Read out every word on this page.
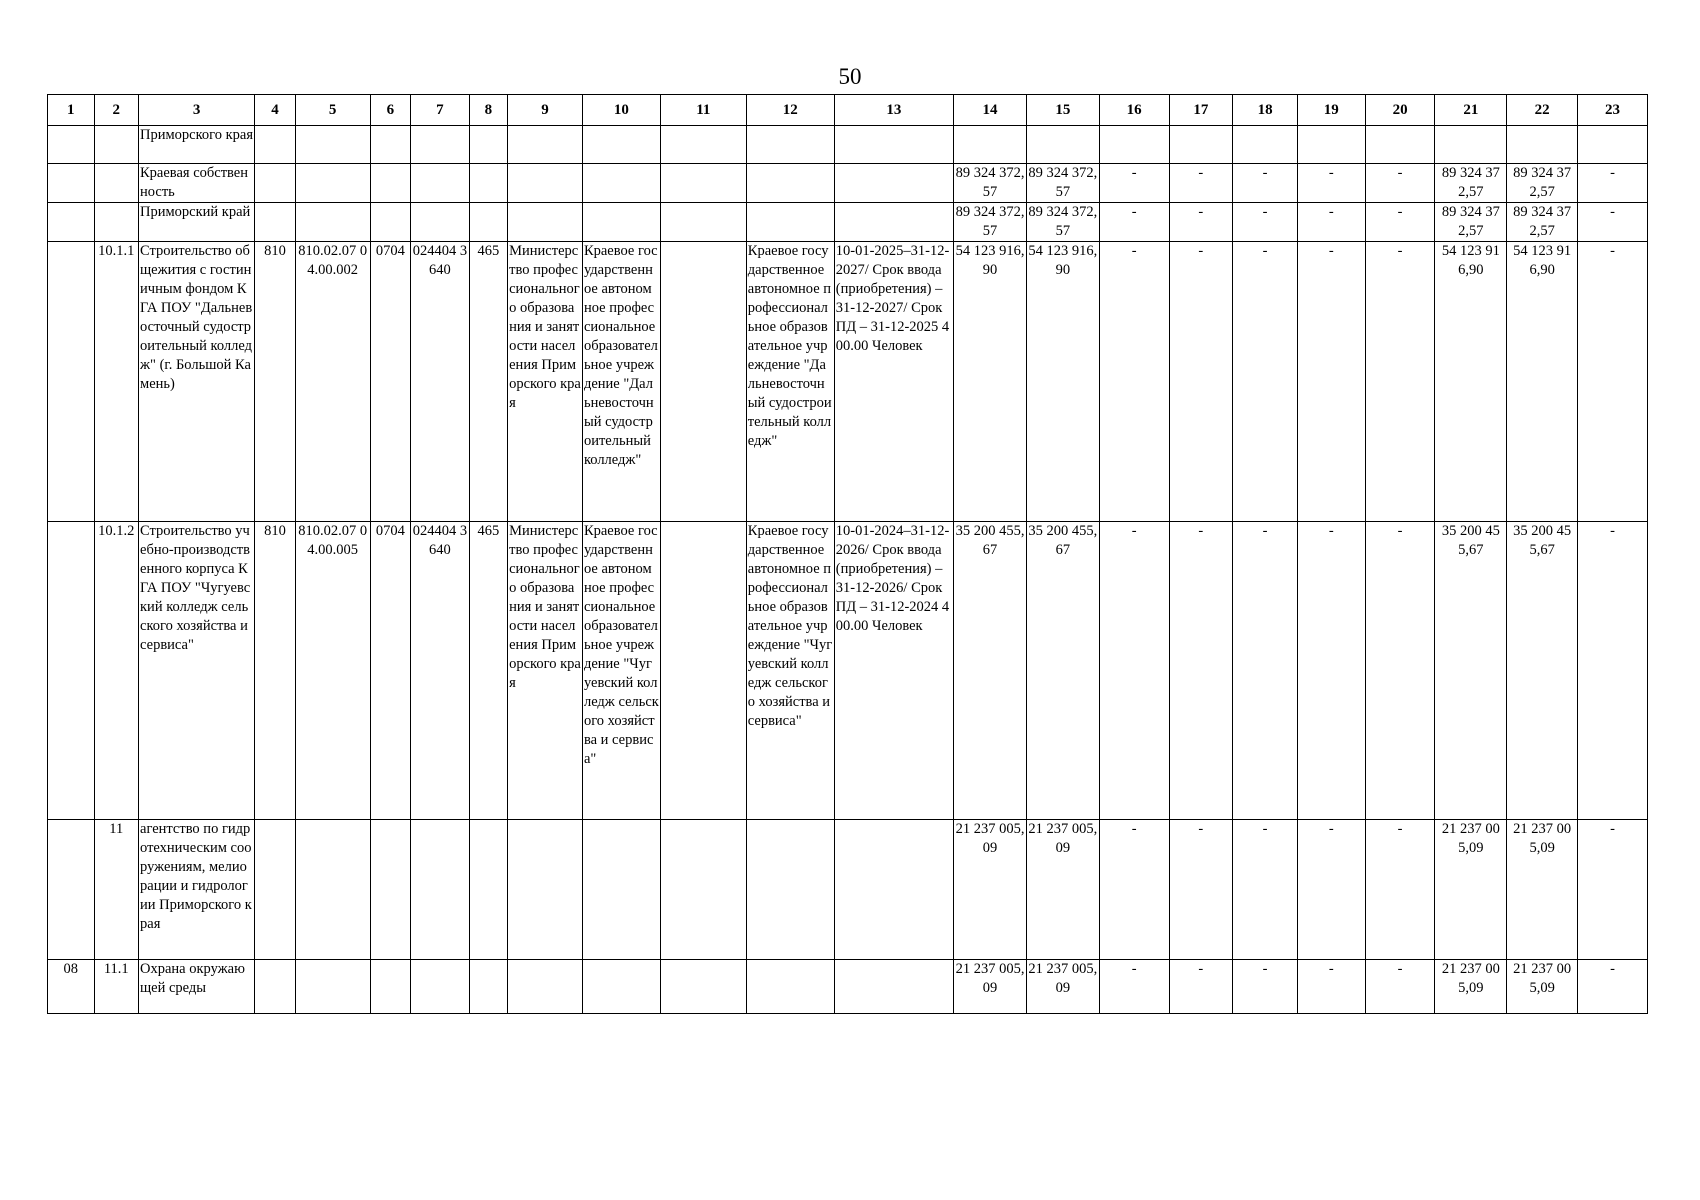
50
1	2	3	4	5	6	7	8	9	10	11	12	13	14	15	16	17	18	19	20	21	22	23
		Приморского края																				
		Краевая собственность											89 324 372,57	89 324 372,57	-	-	-	-	-	89 324 372,57	89 324 372,57	-
		Приморский край											89 324 372,57	89 324 372,57	-	-	-	-	-	89 324 372,57	89 324 372,57	-
	10.1.1	Строительство общежития с гостиничным фондом КГА ПОУ "Дальневосточный судостроительный колледж" (г. Большой Камень)	810	810.02.07 04.00.002	0704	024404 3640	465	Министерство профессионального образования и занятости населения Приморского края	Краевое государственное автономное профессиональное образовательное учреждение "Дальневосточный судостроительный колледж"		Краевое государственное автономное профессиональное образовательное учреждение "Дальневосточный судостроительный колледж"	10-01-2025–31-12-2027/ Срок ввода (приобретения) – 31-12-2027/ Срок ПД – 31-12-2025 400.00 Человек	54 123 916,90	54 123 916,90	-	-	-	-	-	54 123 916,90	54 123 916,90	-
	10.1.2	Строительство учебно-производственного корпуса КГА ПОУ "Чугуевский колледж сельского хозяйства и сервиса"	810	810.02.07 04.00.005	0704	024404 3640	465	Министерство профессионального образования и занятости населения Приморского края	Краевое государственное автономное профессиональное образовательное учреждение "Чугуевский колледж сельского хозяйства и сервиса"		Краевое государственное автономное профессиональное образовательное учреждение "Чугуевский колледж сельского хозяйства и сервиса"	10-01-2024–31-12-2026/ Срок ввода (приобретения) – 31-12-2026/ Срок ПД – 31-12-2024 400.00 Человек	35 200 455,67	35 200 455,67	-	-	-	-	-	35 200 455,67	35 200 455,67	-
	11	агентство по гидротехническим сооружениям, мелиорации и гидрологии Приморского края											21 237 005,09	21 237 005,09	-	-	-	-	-	21 237 005,09	21 237 005,09	-
08	11.1	Охрана окружающей среды											21 237 005,09	21 237 005,09	-	-	-	-	-	21 237 005,09	21 237 005,09	-
